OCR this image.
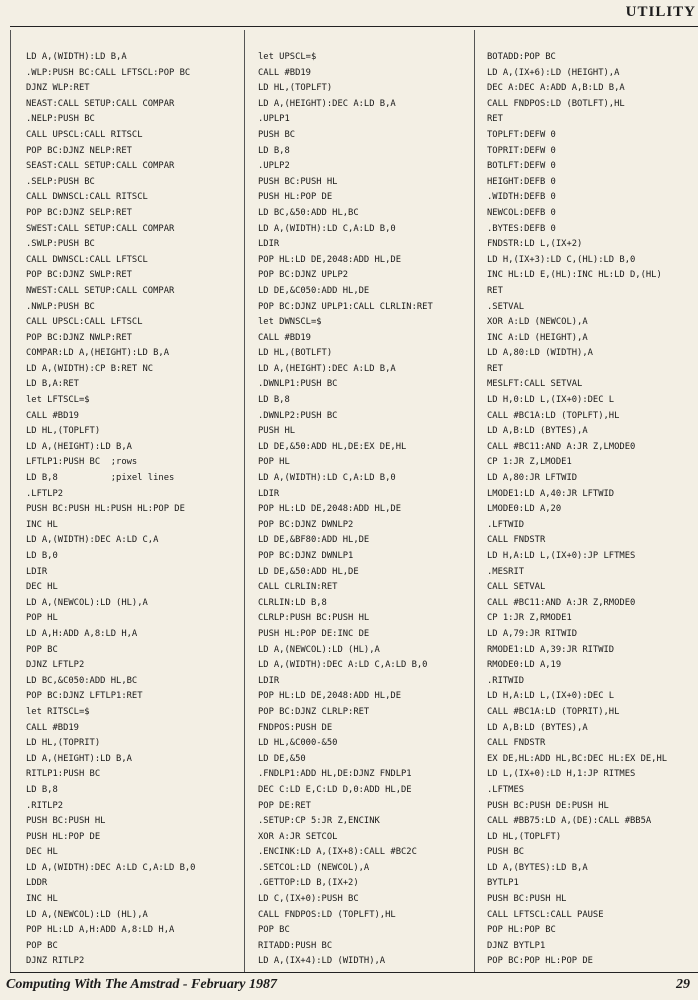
UTILITY
LD A,(WIDTH):LD B,A
.WLP:PUSH BC:CALL LFTSCL:POP BC
DJNZ WLP:RET
NEAST:CALL SETUP:CALL COMPAR
.NELP:PUSH BC
CALL UPSCL:CALL RITSCL
POP BC:DJNZ NELP:RET
SEAST:CALL SETUP:CALL COMPAR
.SELP:PUSH BC
CALL DWNSCL:CALL RITSCL
POP BC:DJNZ SELP:RET
SWEST:CALL SETUP:CALL COMPAR
.SWLP:PUSH BC
CALL DWNSCL:CALL LFTSCL
POP BC:DJNZ SWLP:RET
NWEST:CALL SETUP:CALL COMPAR
.NWLP:PUSH BC
CALL UPSCL:CALL LFTSCL
POP BC:DJNZ NWLP:RET
COMPAR:LD A,(HEIGHT):LD B,A
LD A,(WIDTH):CP B:RET NC
LD B,A:RET
let LFTSCL=$
CALL #BD19
LD HL,(TOPLFT)
LD A,(HEIGHT):LD B,A
LFTLP1:PUSH BC  ;rows
LD B,8          ;pixel lines
.LFTLP2
PUSH BC:PUSH HL:PUSH HL:POP DE
INC HL
LD A,(WIDTH):DEC A:LD C,A
LD B,0
LDIR
DEC HL
LD A,(NEWCOL):LD (HL),A
POP HL
LD A,H:ADD A,8:LD H,A
POP BC
DJNZ LFTLP2
LD BC,&C050:ADD HL,BC
POP BC:DJNZ LFTLP1:RET
let RITSCL=$
CALL #BD19
LD HL,(TOPRIT)
LD A,(HEIGHT):LD B,A
RITLP1:PUSH BC
LD B,8
.RITLP2
PUSH BC:PUSH HL
PUSH HL:POP DE
DEC HL
LD A,(WIDTH):DEC A:LD C,A:LD B,0
LDDR
INC HL
LD A,(NEWCOL):LD (HL),A
POP HL:LD A,H:ADD A,8:LD H,A
POP BC
DJNZ RITLP2
let UPSCL=$
CALL #BD19
LD HL,(TOPLFT)
LD A,(HEIGHT):DEC A:LD B,A
.UPLP1
PUSH BC
LD B,8
.UPLP2
PUSH BC:PUSH HL
PUSH HL:POP DE
LD BC,&50:ADD HL,BC
LD A,(WIDTH):LD C,A:LD B,0
LDIR
POP HL:LD DE,2048:ADD HL,DE
POP BC:DJNZ UPLP2
LD DE,&C050:ADD HL,DE
POP BC:DJNZ UPLP1:CALL CLRLIN:RET
let DWNSCL=$
CALL #BD19
LD HL,(BOTLFT)
LD A,(HEIGHT):DEC A:LD B,A
.DWNLP1:PUSH BC
LD B,8
.DWNLP2:PUSH BC
PUSH HL
LD DE,&50:ADD HL,DE:EX DE,HL
POP HL
LD A,(WIDTH):LD C,A:LD B,0
LDIR
POP HL:LD DE,2048:ADD HL,DE
POP BC:DJNZ DWNLP2
LD DE,&BF80:ADD HL,DE
POP BC:DJNZ DWNLP1
LD DE,&50:ADD HL,DE
CALL CLRLIN:RET
CLRLIN:LD B,8
CLRLP:PUSH BC:PUSH HL
PUSH HL:POP DE:INC DE
LD A,(NEWCOL):LD (HL),A
LD A,(WIDTH):DEC A:LD C,A:LD B,0
LDIR
POP HL:LD DE,2048:ADD HL,DE
POP BC:DJNZ CLRLP:RET
FNDPOS:PUSH DE
LD HL,&C000-&50
LD DE,&50
.FNDLP1:ADD HL,DE:DJNZ FNDLP1
DEC C:LD E,C:LD D,0:ADD HL,DE
POP DE:RET
.SETUP:CP 5:JR Z,ENCINK
XOR A:JR SETCOL
.ENCINK:LD A,(IX+8):CALL #BC2C
.SETCOL:LD (NEWCOL),A
.GETTOP:LD B,(IX+2)
LD C,(IX+0):PUSH BC
CALL FNDPOS:LD (TOPLFT),HL
POP BC
RITADD:PUSH BC
LD A,(IX+4):LD (WIDTH),A
BOTADD:POP BC
LD A,(IX+6):LD (HEIGHT),A
DEC A:DEC A:ADD A,B:LD B,A
CALL FNDPOS:LD (BOTLFT),HL
RET
TOPLFT:DEFW 0
TOPRIT:DEFW 0
BOTLFT:DEFW 0
HEIGHT:DEFB 0
.WIDTH:DEFB 0
NEWCOL:DEFB 0
.BYTES:DEFB 0
FNDSTR:LD L,(IX+2)
LD H,(IX+3):LD C,(HL):LD B,0
INC HL:LD E,(HL):INC HL:LD D,(HL)
RET
.SETVAL
XOR A:LD (NEWCOL),A
INC A:LD (HEIGHT),A
LD A,80:LD (WIDTH),A
RET
MESLFT:CALL SETVAL
LD H,0:LD L,(IX+0):DEC L
CALL #BC1A:LD (TOPLFT),HL
LD A,B:LD (BYTES),A
CALL #BC11:AND A:JR Z,LMODE0
CP 1:JR Z,LMODE1
LD A,80:JR LFTWID
LMODE1:LD A,40:JR LFTWID
LMODE0:LD A,20
.LFTWID
CALL FNDSTR
LD H,A:LD L,(IX+0):JP LFTMES
.MESRIT
CALL SETVAL
CALL #BC11:AND A:JR Z,RMODE0
CP 1:JR Z,RMODE1
LD A,79:JR RITWID
RMODE1:LD A,39:JR RITWID
RMODE0:LD A,19
.RITWID
LD H,A:LD L,(IX+0):DEC L
CALL #BC1A:LD (TOPRIT),HL
LD A,B:LD (BYTES),A
CALL FNDSTR
EX DE,HL:ADD HL,BC:DEC HL:EX DE,HL
LD L,(IX+0):LD H,1:JP RITMES
.LFTMES
PUSH BC:PUSH DE:PUSH HL
CALL #BB75:LD A,(DE):CALL #BB5A
LD HL,(TOPLFT)
PUSH BC
LD A,(BYTES):LD B,A
BYTLP1
PUSH BC:PUSH HL
CALL LFTSCL:CALL PAUSE
POP HL:POP BC
DJNZ BYTLP1
POP BC:POP HL:POP DE
Computing With The Amstrad - February 1987	29
